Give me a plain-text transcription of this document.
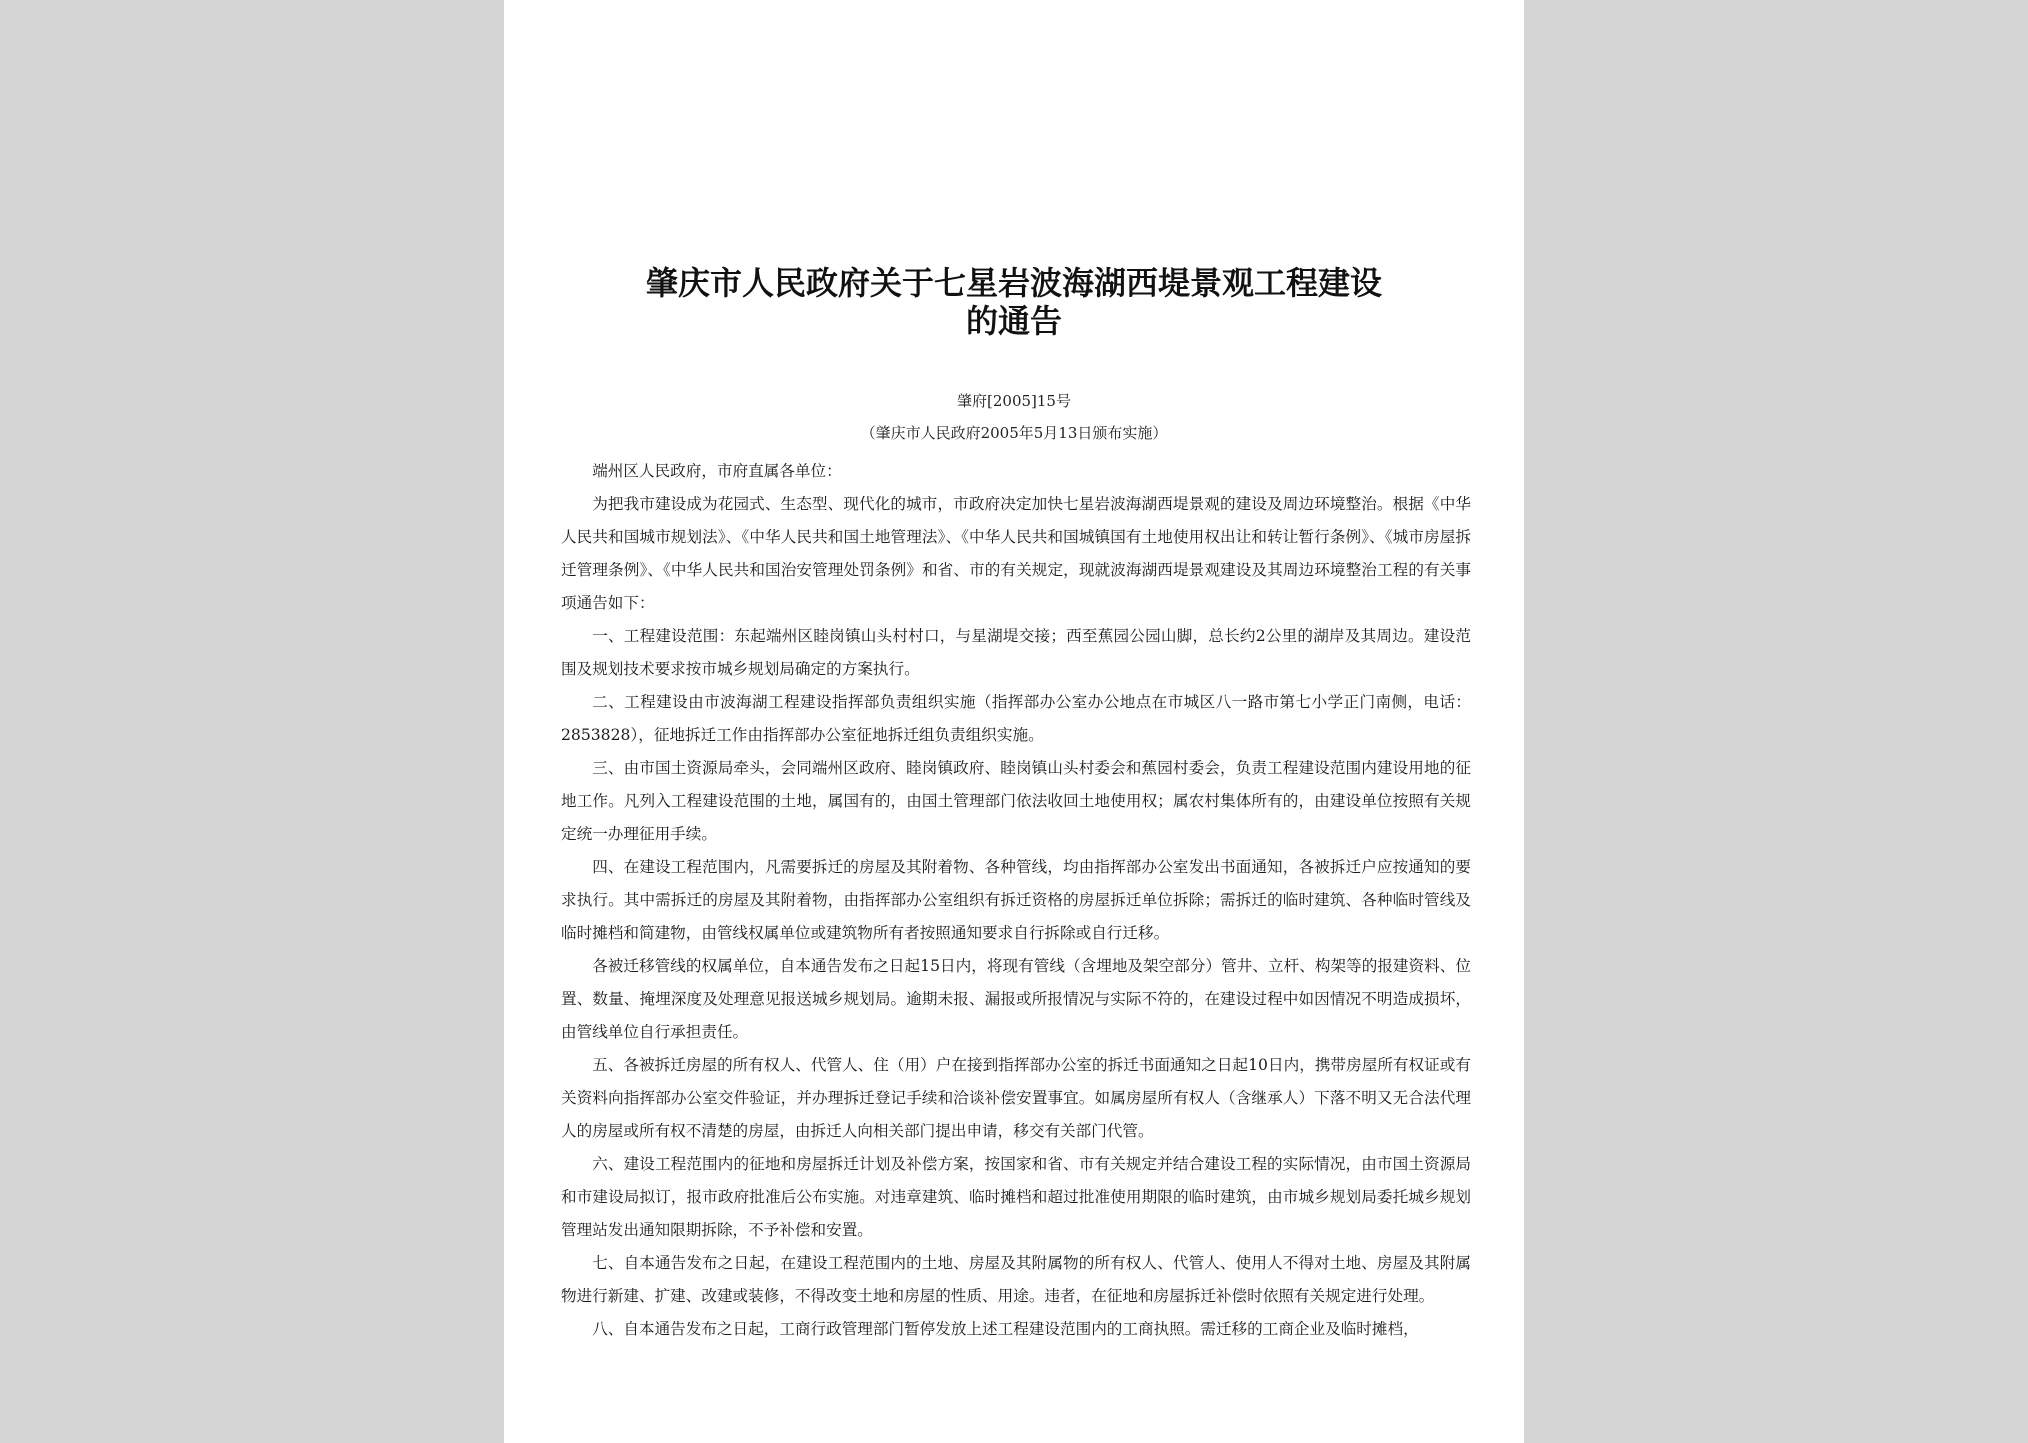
肇庆市人民政府关于七星岩波海湖西堤景观工程建设
的通告
肇府[2005]15号
（肇庆市人民政府2005年5月13日颁布实施）

端州区人民政府，市府直属各单位：

为把我市建设成为花园式、生态型、现代化的城市，市政府决定加快七星岩波海湖西堤景观的建设及周边环境整治。根据《中华人民共和国城市规划法》、《中华人民共和国土地管理法》、《中华人民共和国城镇国有土地使用权出让和转让暂行条例》、《城市房屋拆迁管理条例》、《中华人民共和国治安管理处罚条例》和省、市的有关规定，现就波海湖西堤景观建设及其周边环境整治工程的有关事项通告如下：

一、工程建设范围：东起端州区睦岗镇山头村村口，与星湖堤交接；西至蕉园公园山脚，总长约2公里的湖岸及其周边。建设范围及规划技术要求按市城乡规划局确定的方案执行。

二、工程建设由市波海湖工程建设指挥部负责组织实施（指挥部办公室办公地点在市城区八一路市第七小学正门南侧，电话：2853828），征地拆迁工作由指挥部办公室征地拆迁组负责组织实施。

三、由市国土资源局牵头，会同端州区政府、睦岗镇政府、睦岗镇山头村委会和蕉园村委会，负责工程建设范围内建设用地的征地工作。凡列入工程建设范围的土地，属国有的，由国土管理部门依法收回土地使用权；属农村集体所有的，由建设单位按照有关规定统一办理征用手续。

四、在建设工程范围内，凡需要拆迁的房屋及其附着物、各种管线，均由指挥部办公室发出书面通知，各被拆迁户应按通知的要求执行。其中需拆迁的房屋及其附着物，由指挥部办公室组织有拆迁资格的房屋拆迁单位拆除；需拆迁的临时建筑、各种临时管线及临时摊档和简建物，由管线权属单位或建筑物所有者按照通知要求自行拆除或自行迁移。

各被迁移管线的权属单位，自本通告发布之日起15日内，将现有管线（含埋地及架空部分）管井、立杆、构架等的报建资料、位置、数量、掩埋深度及处理意见报送城乡规划局。逾期未报、漏报或所报情况与实际不符的，在建设过程中如因情况不明造成损坏，由管线单位自行承担责任。

五、各被拆迁房屋的所有权人、代管人、住（用）户在接到指挥部办公室的拆迁书面通知之日起10日内，携带房屋所有权证或有关资料向指挥部办公室交件验证，并办理拆迁登记手续和洽谈补偿安置事宜。如属房屋所有权人（含继承人）下落不明又无合法代理人的房屋或所有权不清楚的房屋，由拆迁人向相关部门提出申请，移交有关部门代管。

六、建设工程范围内的征地和房屋拆迁计划及补偿方案，按国家和省、市有关规定并结合建设工程的实际情况，由市国土资源局和市建设局拟订，报市政府批准后公布实施。对违章建筑、临时摊档和超过批准使用期限的临时建筑，由市城乡规划局委托城乡规划管理站发出通知限期拆除，不予补偿和安置。

七、自本通告发布之日起，在建设工程范围内的土地、房屋及其附属物的所有权人、代管人、使用人不得对土地、房屋及其附属物进行新建、扩建、改建或装修，不得改变土地和房屋的性质、用途。违者，在征地和房屋拆迁补偿时依照有关规定进行处理。

八、自本通告发布之日起，工商行政管理部门暂停发放上述工程建设范围内的工商执照。需迁移的工商企业及临时摊档，
